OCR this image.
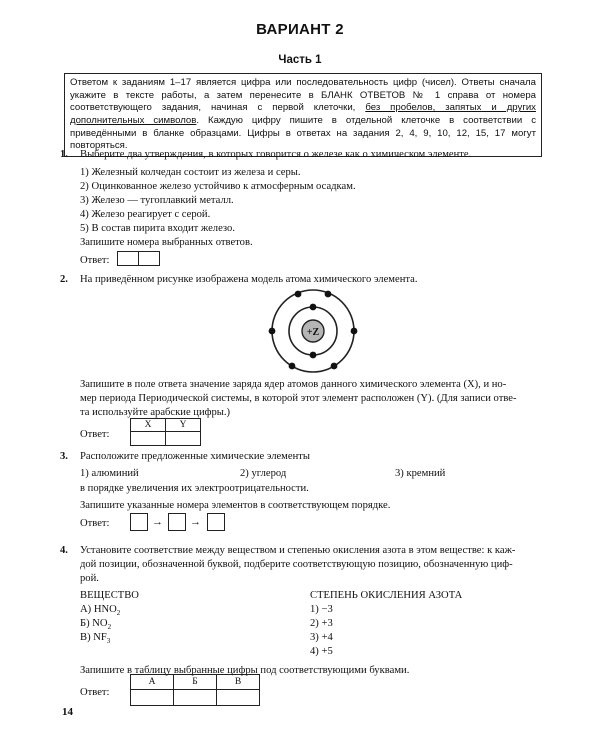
ВАРИАНТ 2
Часть 1
Ответом к заданиям 1–17 является цифра или последовательность цифр (чисел). Ответы сначала укажите в тексте работы, а затем перенесите в БЛАНК ОТВЕТОВ № 1 справа от номера соответствующего задания, начиная с первой клеточки, без пробелов, запятых и других дополнительных символов. Каждую цифру пишите в отдельной клеточке в соответствии с приведёнными в бланке образцами. Цифры в ответах на задания 2, 4, 9, 10, 12, 15, 17 могут повторяться.
1. Выберите два утверждения, в которых говорится о железе как о химическом элементе.
1) Железный колчедан состоит из железа и серы.
2) Оцинкованное железо устойчиво к атмосферным осадкам.
3) Железо — тугоплавкий металл.
4) Железо реагирует с серой.
5) В состав пирита входит железо.
Запишите номера выбранных ответов.
Ответ:
2. На приведённом рисунке изображена модель атома химического элемента.
+Z
Запишите в поле ответа значение заряда ядер атомов данного химического элемента (X), и но-
мер периода Периодической системы, в которой этот элемент расположен (Y). (Для записи отве-
та используйте арабские цифры.)
Ответ:
X	Y
3. Расположите предложенные химические элементы
1) алюминий	2) углерод	3) кремний
в порядке увеличения их электроотрицательности.
Запишите указанные номера элементов в соответствующем порядке.
Ответ:	→ →
4. Установите соответствие между веществом и степенью окисления азота в этом веществе: к каж-
дой позиции, обозначенной буквой, подберите соответствующую позицию, обозначенную циф-
рой.
ВЕЩЕСТВО	СТЕПЕНЬ ОКИСЛЕНИЯ АЗОТА
А) $HNO_2$
Б) $NO_2$
В) $NF_3$
1) −3
2) +3
3) +4
4) +5
Запишите в таблицу выбранные цифры под соответствующими буквами.
Ответ:
А	Б	В
14
